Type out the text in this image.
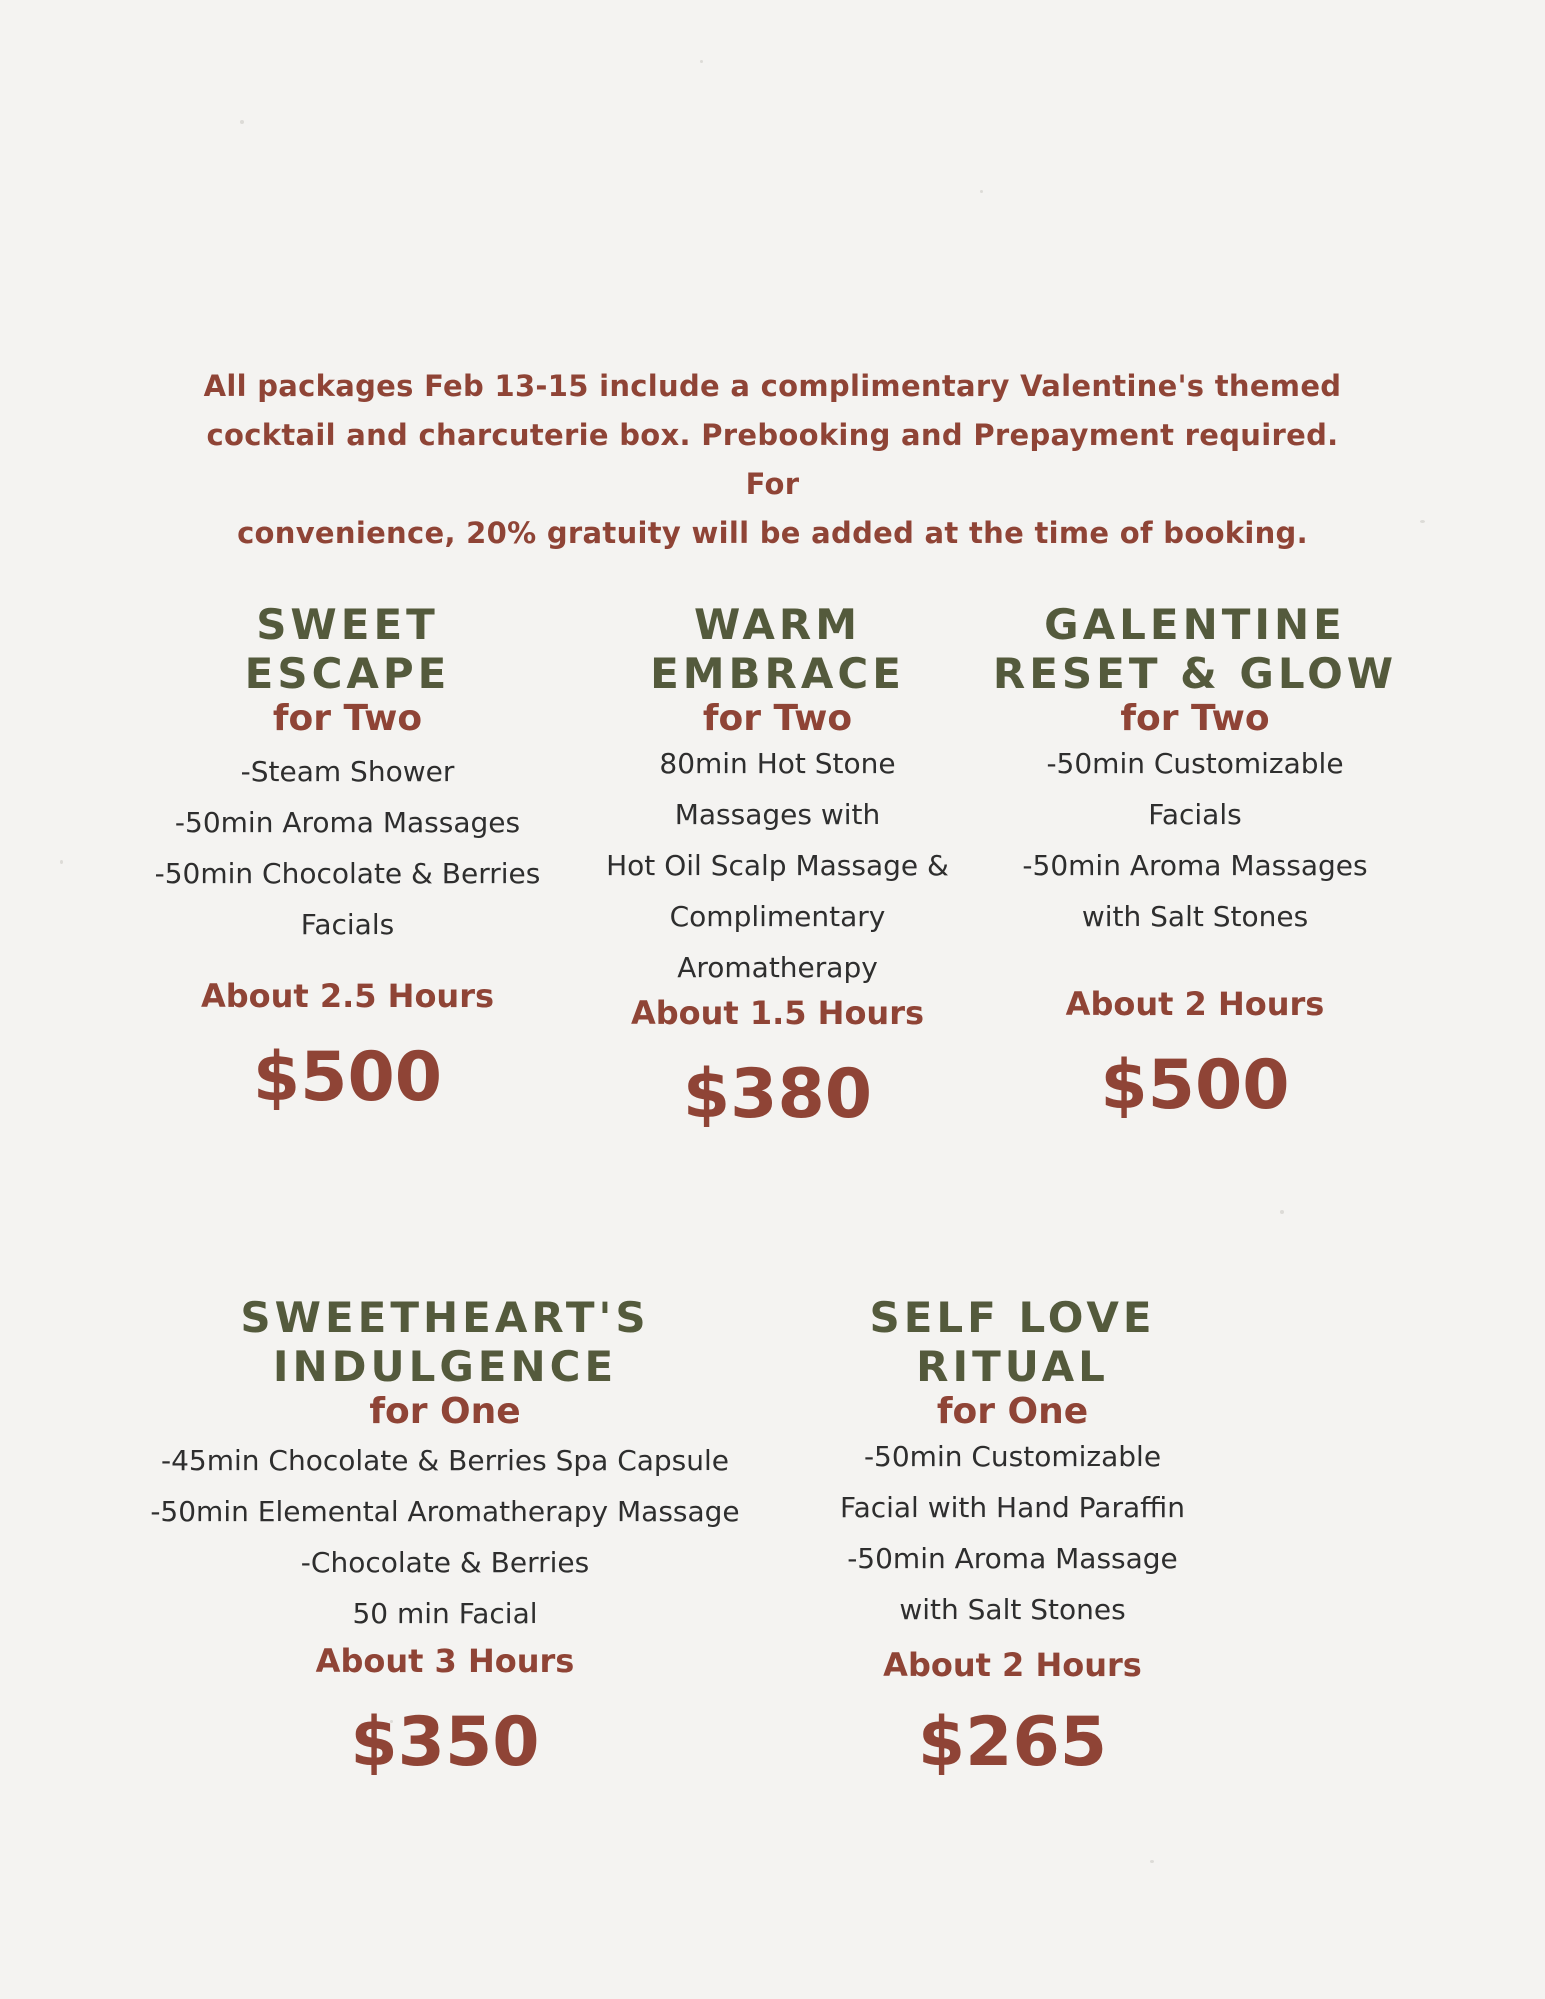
All packages Feb 13-15 include a complimentary Valentine's themed
cocktail and charcuterie box. Prebooking and Prepayment required. For
convenience, 20% gratuity will be added at the time of booking.
SWEET
ESCAPE
for Two
-Steam Shower
-50min Aroma Massages
-50min Chocolate & Berries
Facials
About 2.5 Hours
$500
WARM
EMBRACE
for Two
80min Hot Stone
Massages with
Hot Oil Scalp Massage &
Complimentary
Aromatherapy
About 1.5 Hours
$380
GALENTINE
RESET & GLOW
for Two
-50min Customizable
Facials
-50min Aroma Massages
with Salt Stones
About 2 Hours
$500
SWEETHEART'S
INDULGENCE
for One
-45min Chocolate & Berries Spa Capsule
-50min Elemental Aromatherapy Massage
-Chocolate & Berries
50 min Facial
About 3 Hours
$350
SELF LOVE
RITUAL
for One
-50min Customizable
Facial with Hand Paraffin
-50min Aroma Massage
with Salt Stones
About 2 Hours
$265
